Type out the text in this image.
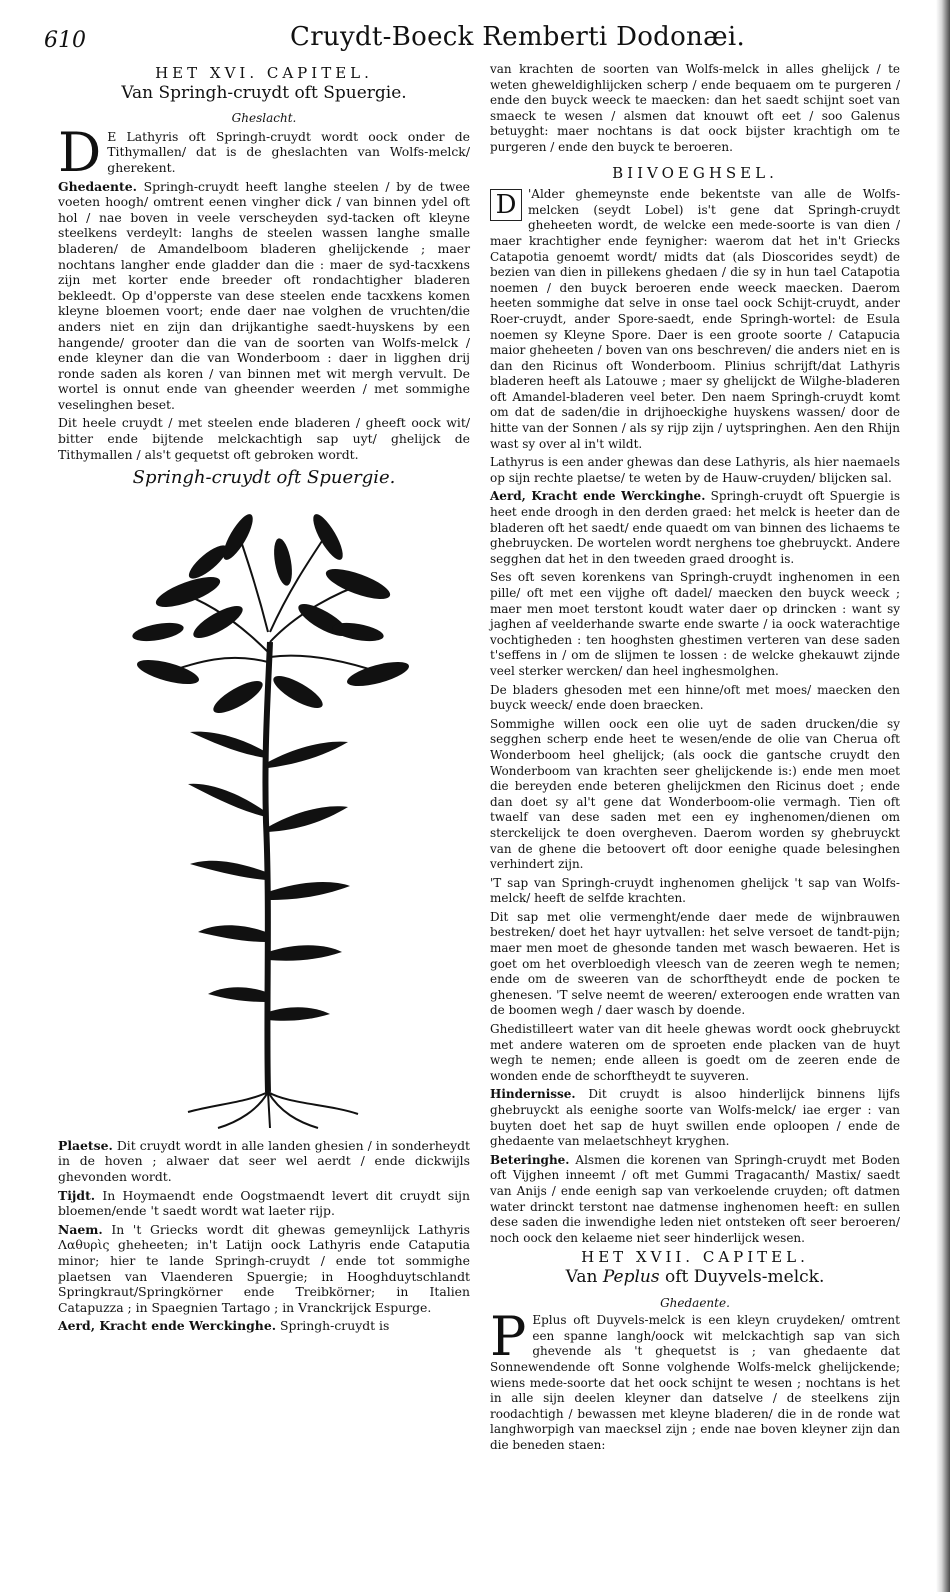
610	Cruydt-Boeck Remberti Dodonæi.
HET XVI. CAPITEL.
Van Springh-cruydt oft Spuergie.
Gheslacht.

D E Lathyris oft Springh-cruydt wordt oock onder de Tithymallen/ dat is de gheslachten van Wolfs-melck/ gherekent.

Ghedaente. Springh-cruydt heeft langhe steelen / by de twee voeten hoogh/ omtrent eenen vingher dick / van binnen ydel oft hol / nae boven in veele verscheyden syd-tacken oft kleyne steelkens verdeylt: langhs de steelen wassen langhe smalle bladeren/ de Amandelboom bladeren ghelijckende ; maer nochtans langher ende gladder dan die : maer de syd-tacxkens zijn met korter ende breeder oft rondachtigher bladeren bekleedt. Op d'opperste van dese steelen ende tacxkens komen kleyne bloemen voort; ende daer nae volghen de vruchten/die anders niet en zijn dan drijkantighe saedt-huyskens by een hangende/ grooter dan die van de soorten van Wolfs-melck / ende kleyner dan die van Wonderboom : daer in ligghen drij ronde saden als koren / van binnen met wit mergh vervult. De wortel is onnut ende van gheender weerden / met sommighe veselinghen beset.

Dit heele cruydt / met steelen ende bladeren / gheeft oock wit/ bitter ende bijtende melckachtigh sap uyt/ ghelijck de Tithymallen / als't gequetst oft gebroken wordt.

Springh-cruydt oft Spuergie.

Plaetse. Dit cruydt wordt in alle landen ghesien / in sonderheydt in de hoven ; alwaer dat seer wel aerdt / ende dickwijls ghevonden wordt.

Tijdt. In Hoymaendt ende Oogstmaendt levert dit cruydt sijn bloemen/ende 't saedt wordt wat laeter rijp.

Naem. In 't Griecks wordt dit ghewas gemeynlijck Lathyris Λαθυρὶς gheheeten; in't Latijn oock Lathyris ende Cataputia minor; hier te lande Springh-cruydt / ende tot sommighe plaetsen van Vlaenderen Spuergie; in Hooghduytschlandt Springkraut/Springkörner ende Treibkörner; in Italien Catapuzza ; in Spaegnien Tartago ; in Vranckrijck Espurge.

Aerd, Kracht ende Werckinghe. Springh-cruydt is

van krachten de soorten van Wolfs-melck in alles ghelijck / te weten gheweldighlijcken scherp / ende bequaem om te purgeren / ende den buyck weeck te maecken: dan het saedt schijnt soet van smaeck te wesen / alsmen dat knouwt oft eet / soo Galenus betuyght: maer nochtans is dat oock bijster krachtigh om te purgeren / ende den buyck te beroeren.

BIIVOEGHSEL.

D 'Alder ghemeynste ende bekentste van alle de Wolfs-melcken (seydt Lobel) is't gene dat Springh-cruydt gheheeten wordt, de welcke een mede-soorte is van dien / maer krachtigher ende feynigher: waerom dat het in't Griecks Catapotia genoemt wordt/ midts dat (als Dioscorides seydt) de bezien van dien in pillekens ghedaen / die sy in hun tael Catapotia noemen / den buyck beroeren ende weeck maecken. Daerom heeten sommighe dat selve in onse tael oock Schijt-cruydt, ander Roer-cruydt, ander Spore-saedt, ende Springh-wortel: de Esula noemen sy Kleyne Spore. Daer is een groote soorte / Catapucia maior gheheeten / boven van ons beschreven/ die anders niet en is dan den Ricinus oft Wonderboom. Plinius schrijft/dat Lathyris bladeren heeft als Latouwe ; maer sy ghelijckt de Wilghe-bladeren oft Amandel-bladeren veel beter. Den naem Springh-cruydt komt om dat de saden/die in drijhoeckighe huyskens wassen/ door de hitte van der Sonnen / als sy rijp zijn / uytspringhen. Aen den Rhijn wast sy over al in't wildt.

Lathyrus is een ander ghewas dan dese Lathyris, als hier naemaels op sijn rechte plaetse/ te weten by de Hauw-cruyden/ blijcken sal.

Aerd, Kracht ende Werckinghe. Springh-cruydt oft Spuergie is heet ende droogh in den derden graed: het melck is heeter dan de bladeren oft het saedt/ ende quaedt om van binnen des lichaems te ghebruycken. De wortelen wordt nerghens toe ghebruyckt. Andere segghen dat het in den tweeden graed drooght is.

Ses oft seven korenkens van Springh-cruydt inghenomen in een pille/ oft met een vijghe oft dadel/ maecken den buyck weeck ; maer men moet terstont koudt water daer op drincken : want sy jaghen af veelderhande swarte ende swarte / ia oock waterachtige vochtigheden : ten hooghsten ghestimen verteren van dese saden t'seffens in / om de slijmen te lossen : de welcke ghekauwt zijnde veel sterker wercken/ dan heel inghesmolghen.

De bladers ghesoden met een hinne/oft met moes/ maecken den buyck weeck/ ende doen braecken.

Sommighe willen oock een olie uyt de saden drucken/die sy segghen scherp ende heet te wesen/ende de olie van Cherua oft Wonderboom heel ghelijck; (als oock die gantsche cruydt den Wonderboom van krachten seer ghelijckende is:) ende men moet die bereyden ende beteren ghelijckmen den Ricinus doet ; ende dan doet sy al't gene dat Wonderboom-olie vermagh. Tien oft twaelf van dese saden met een ey inghenomen/dienen om sterckelijck te doen overgheven. Daerom worden sy ghebruyckt van de ghene die betoovert oft door eenighe quade belesinghen verhindert zijn.

'T sap van Springh-cruydt inghenomen ghelijck 't sap van Wolfs-melck/ heeft de selfde krachten.

Dit sap met olie vermenght/ende daer mede de wijnbrauwen bestreken/ doet het hayr uytvallen: het selve versoet de tandt-pijn; maer men moet de ghesonde tanden met wasch bewaeren. Het is goet om het overbloedigh vleesch van de zeeren wegh te nemen; ende om de sweeren van de schorftheydt ende de pocken te ghenesen. 'T selve neemt de weeren/ exteroogen ende wratten van de boomen wegh / daer wasch by doende.

Ghedistilleert water van dit heele ghewas wordt oock ghebruyckt met andere wateren om de sproeten ende placken van de huyt wegh te nemen; ende alleen is goedt om de zeeren ende de wonden ende de schorftheydt te suyveren.

Hindernisse. Dit cruydt is alsoo hinderlijck binnens lijfs ghebruyckt als eenighe soorte van Wolfs-melck/ iae erger : van buyten doet het sap de huyt swillen ende oploopen / ende de ghedaente van melaetschheyt kryghen.

Beteringhe. Alsmen die korenen van Springh-cruydt met Boden oft Vijghen inneemt / oft met Gummi Tragacanth/ Mastix/ saedt van Anijs / ende eenigh sap van verkoelende cruyden; oft datmen water drinckt terstont nae datmense inghenomen heeft: en sullen dese saden die inwendighe leden niet ontsteken oft seer beroeren/ noch oock den kelaeme niet seer hinderlijck wesen.

HET XVII. CAPITEL.
Van Peplus oft Duyvels-melck.
Ghedaente.

P Eplus oft Duyvels-melck is een kleyn cruydeken/ omtrent een spanne langh/oock wit melckachtigh sap van sich ghevende als 't ghequetst is ; van ghedaente dat Sonnewendende oft Sonne volghende Wolfs-melck ghelijckende; wiens mede-soorte dat het oock schijnt te wesen ; nochtans is het in alle sijn deelen kleyner dan datselve / de steelkens zijn roodachtigh / bewassen met kleyne bladeren/ die in de ronde wat langhworpigh van maecksel zijn ; ende nae boven kleyner zijn dan die beneden staen:
